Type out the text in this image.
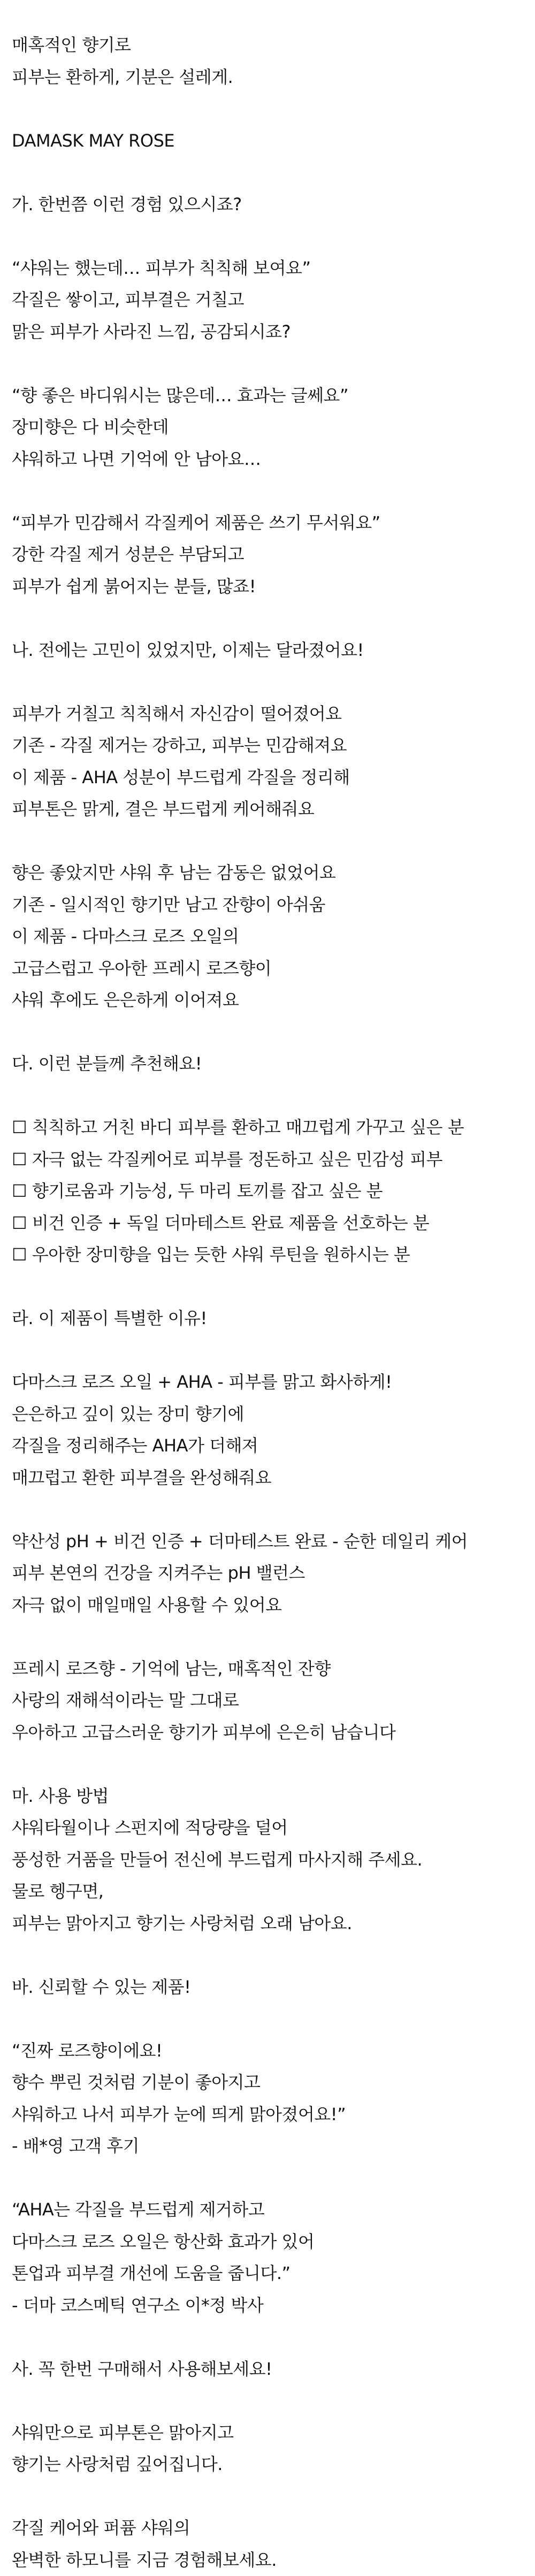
매혹적인 향기로
피부는 환하게, 기분은 설레게.
DAMASK MAY ROSE
가. 한번쯤 이런 경험 있으시죠?
“샤워는 했는데… 피부가 칙칙해 보여요”
각질은 쌓이고, 피부결은 거칠고
맑은 피부가 사라진 느낌, 공감되시죠?
“향 좋은 바디워시는 많은데… 효과는 글쎄요”
장미향은 다 비슷한데
샤워하고 나면 기억에 안 남아요…
“피부가 민감해서 각질케어 제품은 쓰기 무서워요”
강한 각질 제거 성분은 부담되고
피부가 쉽게 붉어지는 분들, 많죠!
나. 전에는 고민이 있었지만, 이제는 달라졌어요!
피부가 거칠고 칙칙해서 자신감이 떨어졌어요
기존 - 각질 제거는 강하고, 피부는 민감해져요
이 제품 - AHA 성분이 부드럽게 각질을 정리해
피부톤은 맑게, 결은 부드럽게 케어해줘요
향은 좋았지만 샤워 후 남는 감동은 없었어요
기존 - 일시적인 향기만 남고 잔향이 아쉬움
이 제품 - 다마스크 로즈 오일의
고급스럽고 우아한 프레시 로즈향이
샤워 후에도 은은하게 이어져요
다. 이런 분들께 추천해요!
☐ 칙칙하고 거친 바디 피부를 환하고 매끄럽게 가꾸고 싶은 분
☐ 자극 없는 각질케어로 피부를 정돈하고 싶은 민감성 피부
☐ 향기로움과 기능성, 두 마리 토끼를 잡고 싶은 분
☐ 비건 인증 + 독일 더마테스트 완료 제품을 선호하는 분
☐ 우아한 장미향을 입는 듯한 샤워 루틴을 원하시는 분
라. 이 제품이 특별한 이유!
다마스크 로즈 오일 + AHA - 피부를 맑고 화사하게!
은은하고 깊이 있는 장미 향기에
각질을 정리해주는 AHA가 더해져
매끄럽고 환한 피부결을 완성해줘요
약산성 pH + 비건 인증 + 더마테스트 완료 - 순한 데일리 케어
피부 본연의 건강을 지켜주는 pH 밸런스
자극 없이 매일매일 사용할 수 있어요
프레시 로즈향 - 기억에 남는, 매혹적인 잔향
사랑의 재해석이라는 말 그대로
우아하고 고급스러운 향기가 피부에 은은히 남습니다
마. 사용 방법
샤워타월이나 스펀지에 적당량을 덜어
풍성한 거품을 만들어 전신에 부드럽게 마사지해 주세요.
물로 헹구면,
피부는 맑아지고 향기는 사랑처럼 오래 남아요.
바. 신뢰할 수 있는 제품!
“진짜 로즈향이에요!
향수 뿌린 것처럼 기분이 좋아지고
샤워하고 나서 피부가 눈에 띄게 맑아졌어요!”
- 배*영 고객 후기
“AHA는 각질을 부드럽게 제거하고
다마스크 로즈 오일은 항산화 효과가 있어
톤업과 피부결 개선에 도움을 줍니다.”
- 더마 코스메틱 연구소 이*정 박사
사. 꼭 한번 구매해서 사용해보세요!
샤워만으로 피부톤은 맑아지고
향기는 사랑처럼 깊어집니다.
각질 케어와 퍼퓸 샤워의
완벽한 하모니를 지금 경험해보세요.
